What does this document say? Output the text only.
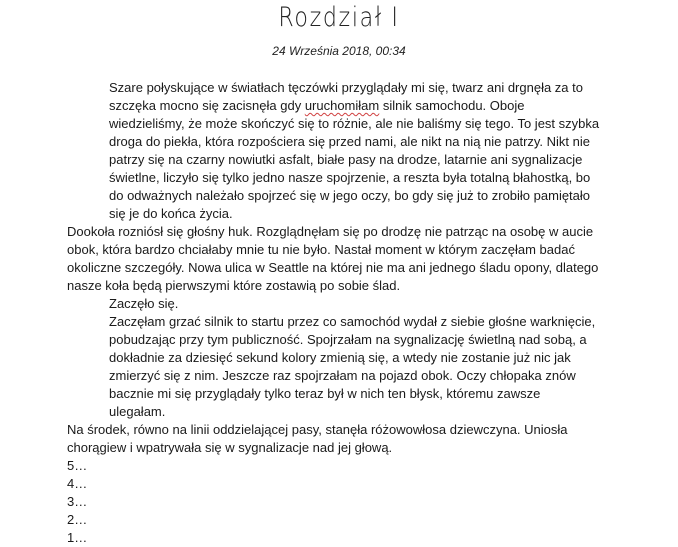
Rozdział I
24 Września 2018, 00:34
Szare połyskujące w światłach tęczówki przyglądały mi się, twarz ani drgnęła za to
szczęka mocno się zacisnęła gdy uruchomiłam silnik samochodu. Oboje
wiedzieliśmy, że może skończyć się to różnie, ale nie baliśmy się tego. To jest szybka
droga do piekła, która rozpościera się przed nami, ale nikt na nią nie patrzy. Nikt nie
patrzy się na czarny nowiutki asfalt, białe pasy na drodze, latarnie ani sygnalizacje
świetlne, liczyło się tylko jedno nasze spojrzenie, a reszta była totalną błahostką, bo
do odważnych należało spojrzeć się w jego oczy, bo gdy się już to zrobiło pamiętało
się je do końca życia.
Dookoła rozniósł się głośny huk. Rozglądnęłam się po drodzę nie patrząc na osobę w aucie
obok, która bardzo chciałaby mnie tu nie było. Nastał moment w którym zaczęłam badać
okoliczne szczegóły. Nowa ulica w Seattle na której nie ma ani jednego śladu opony, dlatego
nasze koła będą pierwszymi które zostawią po sobie ślad.
Zaczęło się.
Zaczęłam grzać silnik to startu przez co samochód wydał z siebie głośne warknięcie,
pobudzając przy tym publiczność. Spojrzałam na sygnalizację świetlną nad sobą, a
dokładnie za dziesięć sekund kolory zmienią się, a wtedy nie zostanie już nic jak
zmierzyć się z nim. Jeszcze raz spojrzałam na pojazd obok. Oczy chłopaka znów
bacznie mi się przyglądały tylko teraz był w nich ten błysk, któremu zawsze
ulegałam.
Na środek, równo na linii oddzielającej pasy, stanęła różowowłosa dziewczyna. Uniosła
chorągiew i wpatrywała się w sygnalizacje nad jej głową.
5…
4…
3…
2…
1…
